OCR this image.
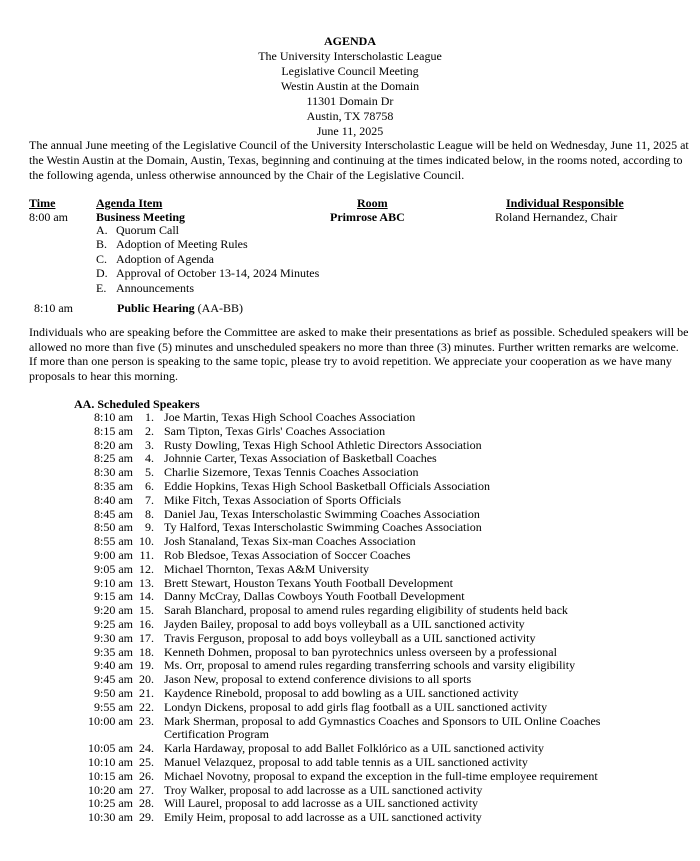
AGENDA
The University Interscholastic League
Legislative Council Meeting
Westin Austin at the Domain
11301 Domain Dr
Austin, TX 78758
June 11, 2025
The annual June meeting of the Legislative Council of the University Interscholastic League will be held on Wednesday, June 11, 2025 at the Westin Austin at the Domain, Austin, Texas, beginning and continuing at the times indicated below, in the rooms noted, according to the following agenda, unless otherwise announced by the Chair of the Legislative Council.
Time	Agenda Item	Room	Individual Responsible
8:00 am Business Meeting	Primrose ABC	Roland Hernandez, Chair
A. Quorum Call
B. Adoption of Meeting Rules
C. Adoption of Agenda
D. Approval of October 13-14, 2024 Minutes
E. Announcements
8:10 am	Public Hearing (AA-BB)
Individuals who are speaking before the Committee are asked to make their presentations as brief as possible. Scheduled speakers will be allowed no more than five (5) minutes and unscheduled speakers no more than three (3) minutes. Further written remarks are welcome. If more than one person is speaking to the same topic, please try to avoid repetition. We appreciate your cooperation as we have many proposals to hear this morning.
AA. Scheduled Speakers
8:10 am	1. Joe Martin, Texas High School Coaches Association
8:15 am	2. Sam Tipton, Texas Girls' Coaches Association
8:20 am	3. Rusty Dowling, Texas High School Athletic Directors Association
8:25 am	4. Johnnie Carter, Texas Association of Basketball Coaches
8:30 am	5. Charlie Sizemore, Texas Tennis Coaches Association
8:35 am	6. Eddie Hopkins, Texas High School Basketball Officials Association
8:40 am	7. Mike Fitch, Texas Association of Sports Officials
8:45 am	8. Daniel Jau, Texas Interscholastic Swimming Coaches Association
8:50 am	9. Ty Halford, Texas Interscholastic Swimming Coaches Association
8:55 am 10. Josh Stanaland, Texas Six-man Coaches Association
9:00 am 11. Rob Bledsoe, Texas Association of Soccer Coaches
9:05 am 12. Michael Thornton, Texas A&M University
9:10 am 13. Brett Stewart, Houston Texans Youth Football Development
9:15 am 14. Danny McCray, Dallas Cowboys Youth Football Development
9:20 am 15. Sarah Blanchard, proposal to amend rules regarding eligibility of students held back
9:25 am 16. Jayden Bailey, proposal to add boys volleyball as a UIL sanctioned activity
9:30 am 17. Travis Ferguson, proposal to add boys volleyball as a UIL sanctioned activity
9:35 am 18. Kenneth Dohmen, proposal to ban pyrotechnics unless overseen by a professional
9:40 am 19. Ms. Orr, proposal to amend rules regarding transferring schools and varsity eligibility
9:45 am 20. Jason New, proposal to extend conference divisions to all sports
9:50 am 21. Kaydence Rinebold, proposal to add bowling as a UIL sanctioned activity
9:55 am 22. Londyn Dickens, proposal to add girls flag football as a UIL sanctioned activity
10:00 am 23. Mark Sherman, proposal to add Gymnastics Coaches and Sponsors to UIL Online Coaches Certification Program
10:05 am 24. Karla Hardaway, proposal to add Ballet Folklórico as a UIL sanctioned activity
10:10 am 25. Manuel Velazquez, proposal to add table tennis as a UIL sanctioned activity
10:15 am 26. Michael Novotny, proposal to expand the exception in the full-time employee requirement
10:20 am 27. Troy Walker, proposal to add lacrosse as a UIL sanctioned activity
10:25 am 28. Will Laurel, proposal to add lacrosse as a UIL sanctioned activity
10:30 am 29. Emily Heim, proposal to add lacrosse as a UIL sanctioned activity
